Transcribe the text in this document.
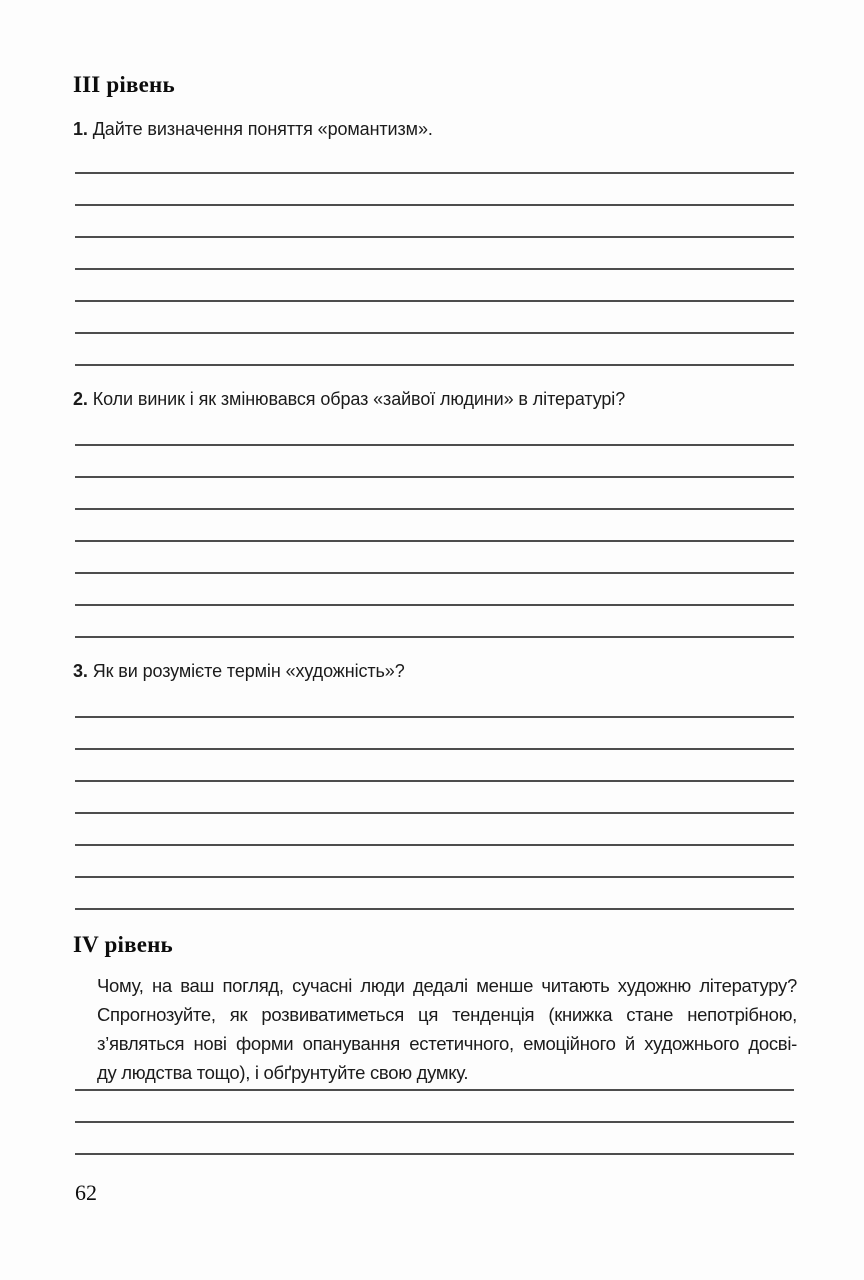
III рівень

1. Дайте визначення поняття «романтизм».

2. Коли виник і як змінювався образ «зайвої людини» в літературі?

3. Як ви розумієте термін «художність»?

IV рівень
Чому, на ваш погляд, сучасні люди дедалі менше читають художню літературу?
Спрогнозуйте, як розвиватиметься ця тенденція (книжка стане непотрібною,
з’являться нові форми опанування естетичного, емоційного й художнього досві-
ду людства тощо), і обґрунтуйте свою думку.
62
